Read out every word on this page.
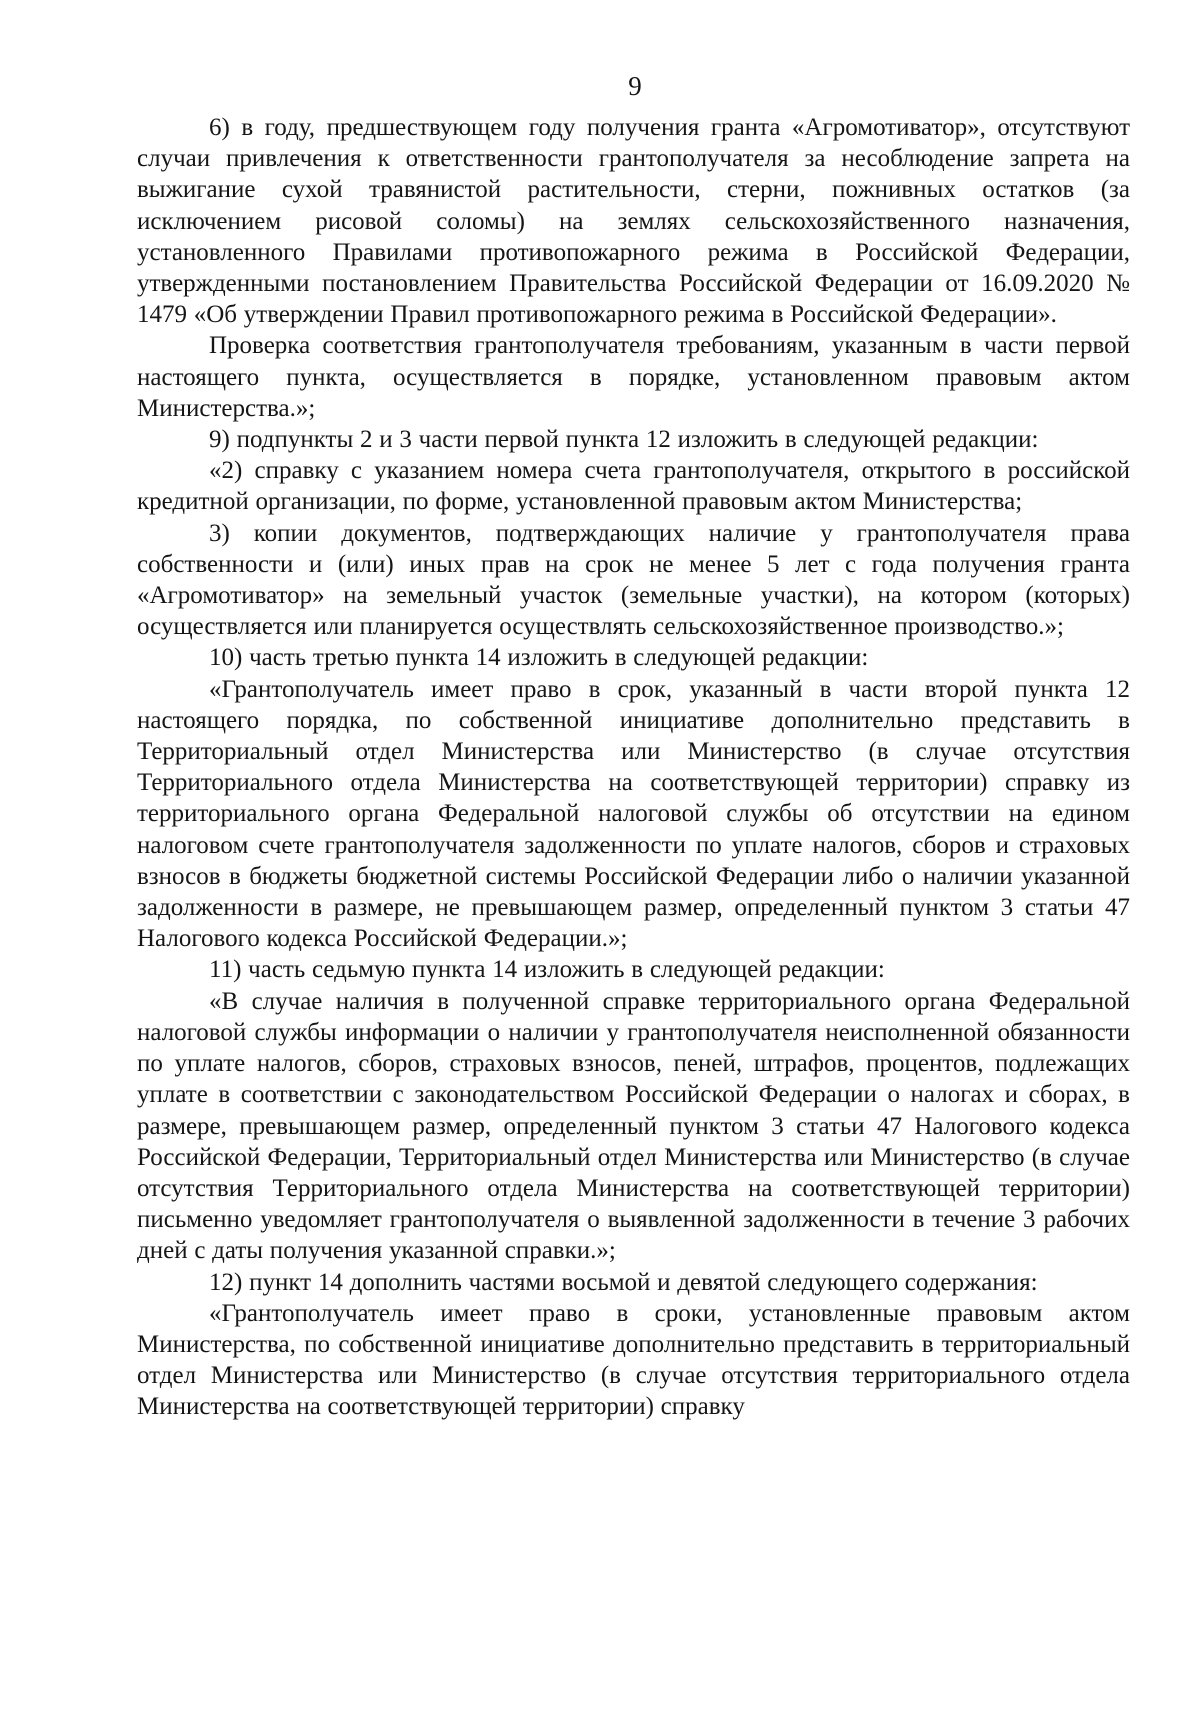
9

6) в году, предшествующем году получения гранта «Агромотиватор», отсутствуют случаи привлечения к ответственности грантополучателя за несоблюдение запрета на выжигание сухой травянистой растительности, стерни, пожнивных остатков (за исключением рисовой соломы) на землях сельскохозяйственного назначения, установленного Правилами противопожарного режима в Российской Федерации, утвержденными постановлением Правительства Российской Федерации от 16.09.2020 № 1479 «Об утверждении Правил противопожарного режима в Российской Федерации».

Проверка соответствия грантополучателя требованиям, указанным в части первой настоящего пункта, осуществляется в порядке, установленном правовым актом Министерства.»;

9) подпункты 2 и 3 части первой пункта 12 изложить в следующей редакции:

«2) справку с указанием номера счета грантополучателя, открытого в российской кредитной организации, по форме, установленной правовым актом Министерства;

3) копии документов, подтверждающих наличие у грантополучателя права собственности и (или) иных прав на срок не менее 5 лет с года получения гранта «Агромотиватор» на земельный участок (земельные участки), на котором (которых) осуществляется или планируется осуществлять сельскохозяйственное производство.»;

10) часть третью пункта 14 изложить в следующей редакции:

«Грантополучатель имеет право в срок, указанный в части второй пункта 12 настоящего порядка, по собственной инициативе дополнительно представить в Территориальный отдел Министерства или Министерство (в случае отсутствия Территориального отдела Министерства на соответствующей территории) справку из территориального органа Федеральной налоговой службы об отсутствии на едином налоговом счете грантополучателя задолженности по уплате налогов, сборов и страховых взносов в бюджеты бюджетной системы Российской Федерации либо о наличии указанной задолженности в размере, не превышающем размер, определенный пунктом 3 статьи 47 Налогового кодекса Российской Федерации.»;

11) часть седьмую пункта 14 изложить в следующей редакции:

«В случае наличия в полученной справке территориального органа Федеральной налоговой службы информации о наличии у грантополучателя неисполненной обязанности по уплате налогов, сборов, страховых взносов, пеней, штрафов, процентов, подлежащих уплате в соответствии с законодательством Российской Федерации о налогах и сборах, в размере, превышающем размер, определенный пунктом 3 статьи 47 Налогового кодекса Российской Федерации, Территориальный отдел Министерства или Министерство (в случае отсутствия Территориального отдела Министерства на соответствующей территории) письменно уведомляет грантополучателя о выявленной задолженности в течение 3 рабочих дней с даты получения указанной справки.»;

12) пункт 14 дополнить частями восьмой и девятой следующего содержания:

«Грантополучатель имеет право в сроки, установленные правовым актом Министерства, по собственной инициативе дополнительно представить в территориальный отдел Министерства или Министерство (в случае отсутствия территориального отдела Министерства на соответствующей территории) справку
